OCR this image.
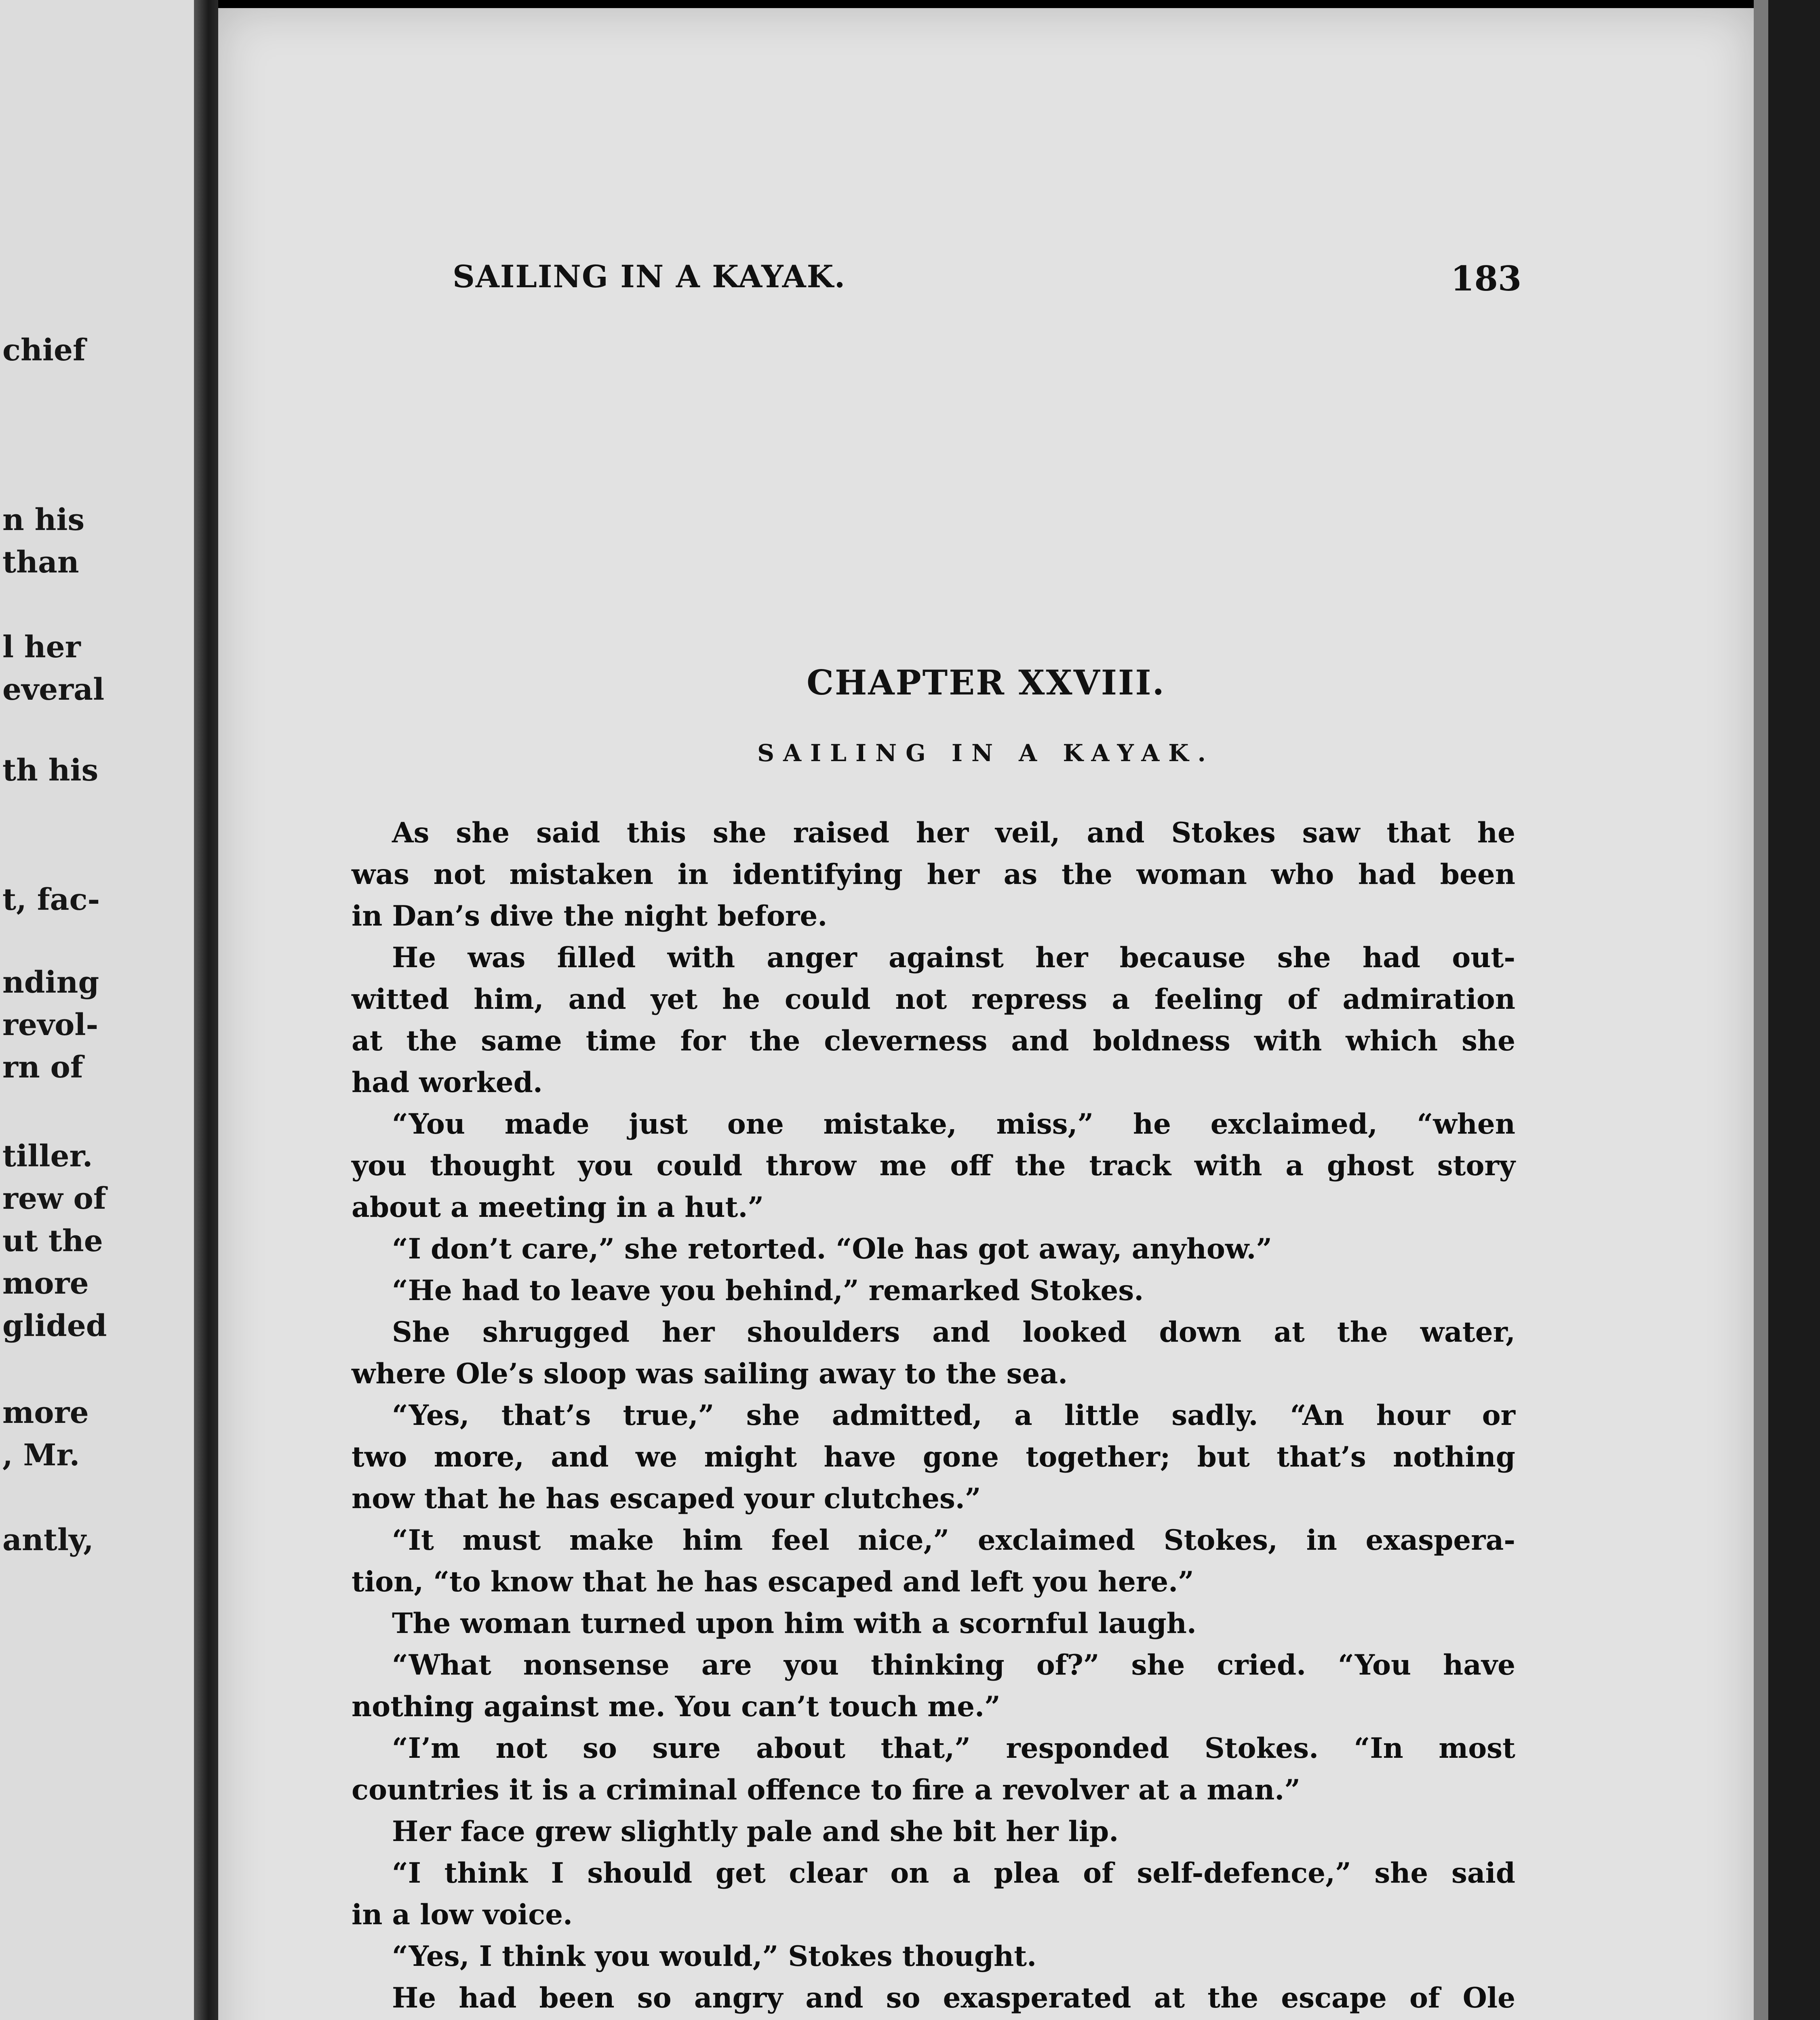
chief
n his
than
l her
everal
th his
t, fac-
nding
revol-
rn of
tiller.
rew of
ut the
more
glided
more
, Mr.
antly,
SAILING IN A KAYAK.	183
CHAPTER XXVIII.
SAILING IN A KAYAK.
As she said this she raised her veil, and Stokes saw that he
was not mistaken in identifying her as the woman who had been
in Dan’s dive the night before.
He was filled with anger against her because she had out-
witted him, and yet he could not repress a feeling of admiration
at the same time for the cleverness and boldness with which she
had worked.
“You made just one mistake, miss,” he exclaimed, “when
you thought you could throw me off the track with a ghost story
about a meeting in a hut.”
“I don’t care,” she retorted. “Ole has got away, anyhow.”
“He had to leave you behind,” remarked Stokes.
She shrugged her shoulders and looked down at the water,
where Ole’s sloop was sailing away to the sea.
“Yes, that’s true,” she admitted, a little sadly. “An hour or
two more, and we might have gone together; but that’s nothing
now that he has escaped your clutches.”
“It must make him feel nice,” exclaimed Stokes, in exaspera-
tion, “to know that he has escaped and left you here.”
The woman turned upon him with a scornful laugh.
“What nonsense are you thinking of?” she cried. “You have
nothing against me. You can’t touch me.”
“I’m not so sure about that,” responded Stokes. “In most
countries it is a criminal offence to fire a revolver at a man.”
Her face grew slightly pale and she bit her lip.
“I think I should get clear on a plea of self-defence,” she said
in a low voice.
“Yes, I think you would,” Stokes thought.
He had been so angry and so exasperated at the escape of Ole
